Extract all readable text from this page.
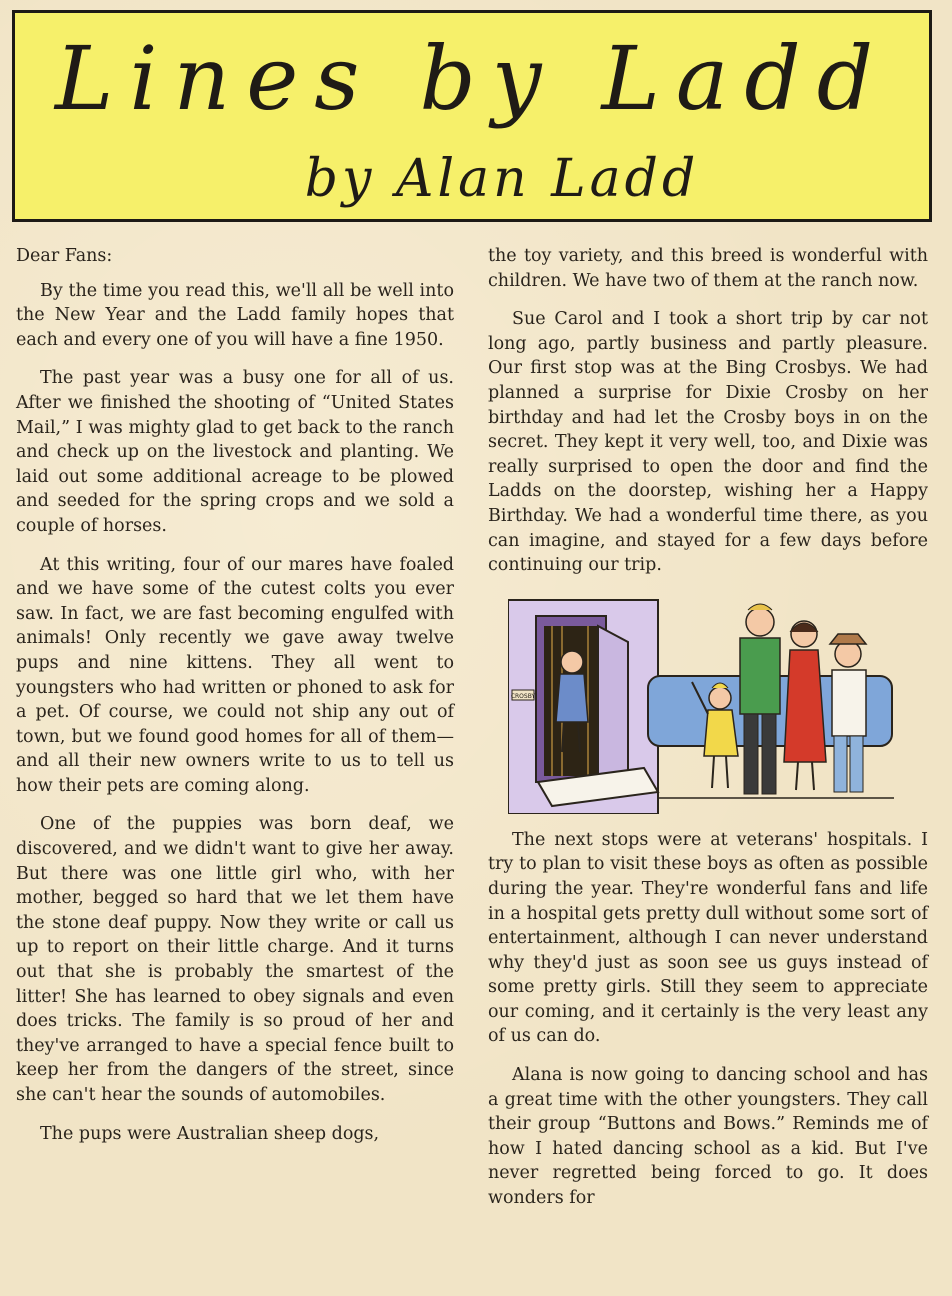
Lines by Ladd
by Alan Ladd

Dear Fans:

By the time you read this, we'll all be well into the New Year and the Ladd family hopes that each and every one of you will have a fine 1950.

The past year was a busy one for all of us. After we finished the shooting of “United States Mail,” I was mighty glad to get back to the ranch and check up on the livestock and planting. We laid out some additional acreage to be plowed and seeded for the spring crops and we sold a couple of horses.

At this writing, four of our mares have foaled and we have some of the cutest colts you ever saw. In fact, we are fast becoming engulfed with animals! Only recently we gave away twelve pups and nine kittens. They all went to youngsters who had written or phoned to ask for a pet. Of course, we could not ship any out of town, but we found good homes for all of them—and all their new owners write to us to tell us how their pets are coming along.

One of the puppies was born deaf, we discovered, and we didn't want to give her away. But there was one little girl who, with her mother, begged so hard that we let them have the stone deaf puppy. Now they write or call us up to report on their little charge. And it turns out that she is probably the smartest of the litter! She has learned to obey signals and even does tricks. The family is so proud of her and they've arranged to have a special fence built to keep her from the dangers of the street, since she can't hear the sounds of automobiles.

The pups were Australian sheep dogs,

the toy variety, and this breed is wonderful with children. We have two of them at the ranch now.

Sue Carol and I took a short trip by car not long ago, partly business and partly pleasure. Our first stop was at the Bing Crosbys. We had planned a surprise for Dixie Crosby on her birthday and had let the Crosby boys in on the secret. They kept it very well, too, and Dixie was really surprised to open the door and find the Ladds on the doorstep, wishing her a Happy Birthday. We had a wonderful time there, as you can imagine, and stayed for a few days before continuing our trip.

CROSBY

The next stops were at veterans' hospitals. I try to plan to visit these boys as often as possible during the year. They're wonderful fans and life in a hospital gets pretty dull without some sort of entertainment, although I can never understand why they'd just as soon see us guys instead of some pretty girls. Still they seem to appreciate our coming, and it certainly is the very least any of us can do.

Alana is now going to dancing school and has a great time with the other youngsters. They call their group “Buttons and Bows.” Reminds me of how I hated dancing school as a kid. But I've never regretted being forced to go. It does wonders for
